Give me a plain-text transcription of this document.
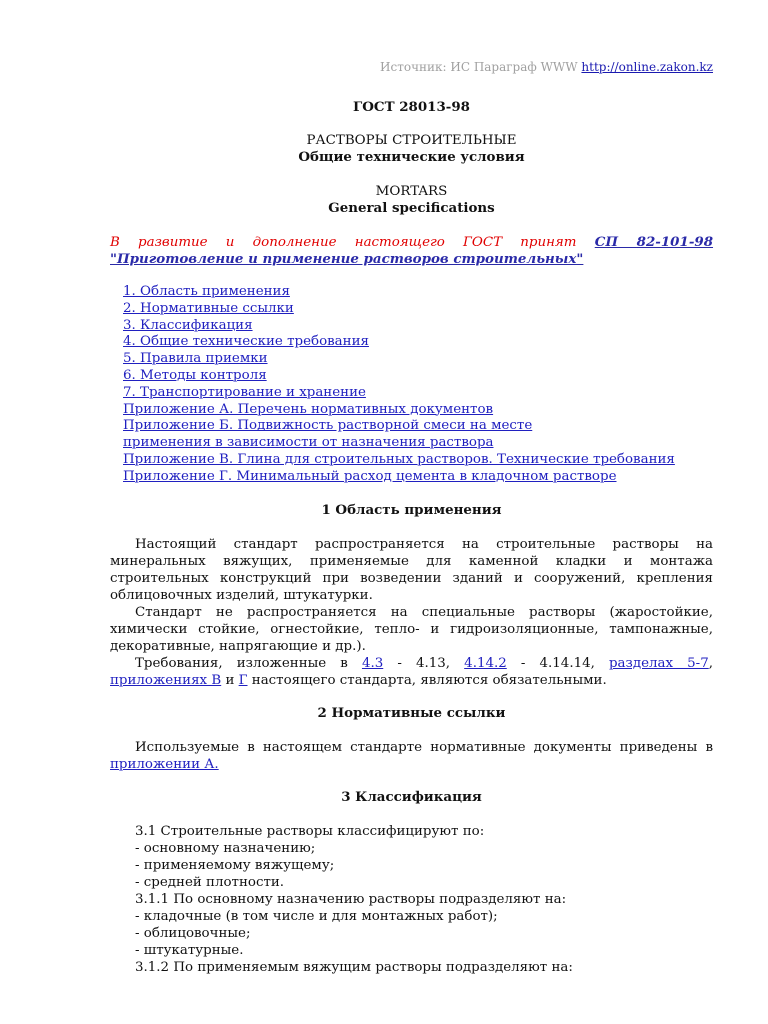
Источник: ИС Параграф WWW http://online.zakon.kz
ГОСТ 28013-98
РАСТВОРЫ СТРОИТЕЛЬНЫЕ
Общие технические условия
MORTARS
General specifications
В развитие и дополнение настоящего ГОСТ принят СП 82-101-98 "Приготовление и применение растворов строительных"
1. Область применения
2. Нормативные ссылки
3. Классификация
4. Общие технические требования
5. Правила приемки
6. Методы контроля
7. Транспортирование и хранение
Приложение А. Перечень нормативных документов
Приложение Б. Подвижность растворной смеси на месте применения в зависимости от назначения раствора
Приложение В. Глина для строительных растворов. Технические требования
Приложение Г. Минимальный расход цемента в кладочном растворе
1 Область применения

Настоящий стандарт распространяется на строительные растворы на минеральных вяжущих, применяемые для каменной кладки и монтажа строительных конструкций при возведении зданий и сооружений, крепления облицовочных изделий, штукатурки.

Стандарт не распространяется на специальные растворы (жаростойкие, химически стойкие, огнестойкие, тепло- и гидроизоляционные, тампонажные, декоративные, напрягающие и др.).

Требования, изложенные в 4.3 - 4.13, 4.14.2 - 4.14.14, разделах 5-7, приложениях В и Г настоящего стандарта, являются обязательными.

2 Нормативные ссылки

Используемые в настоящем стандарте нормативные документы приведены в приложении А.

3 Классификация
3.1 Строительные растворы классифицируют по:
- основному назначению;
- применяемому вяжущему;
- средней плотности.
3.1.1 По основному назначению растворы подразделяют на:
- кладочные (в том числе и для монтажных работ);
- облицовочные;
- штукатурные.
3.1.2 По применяемым вяжущим растворы подразделяют на:
